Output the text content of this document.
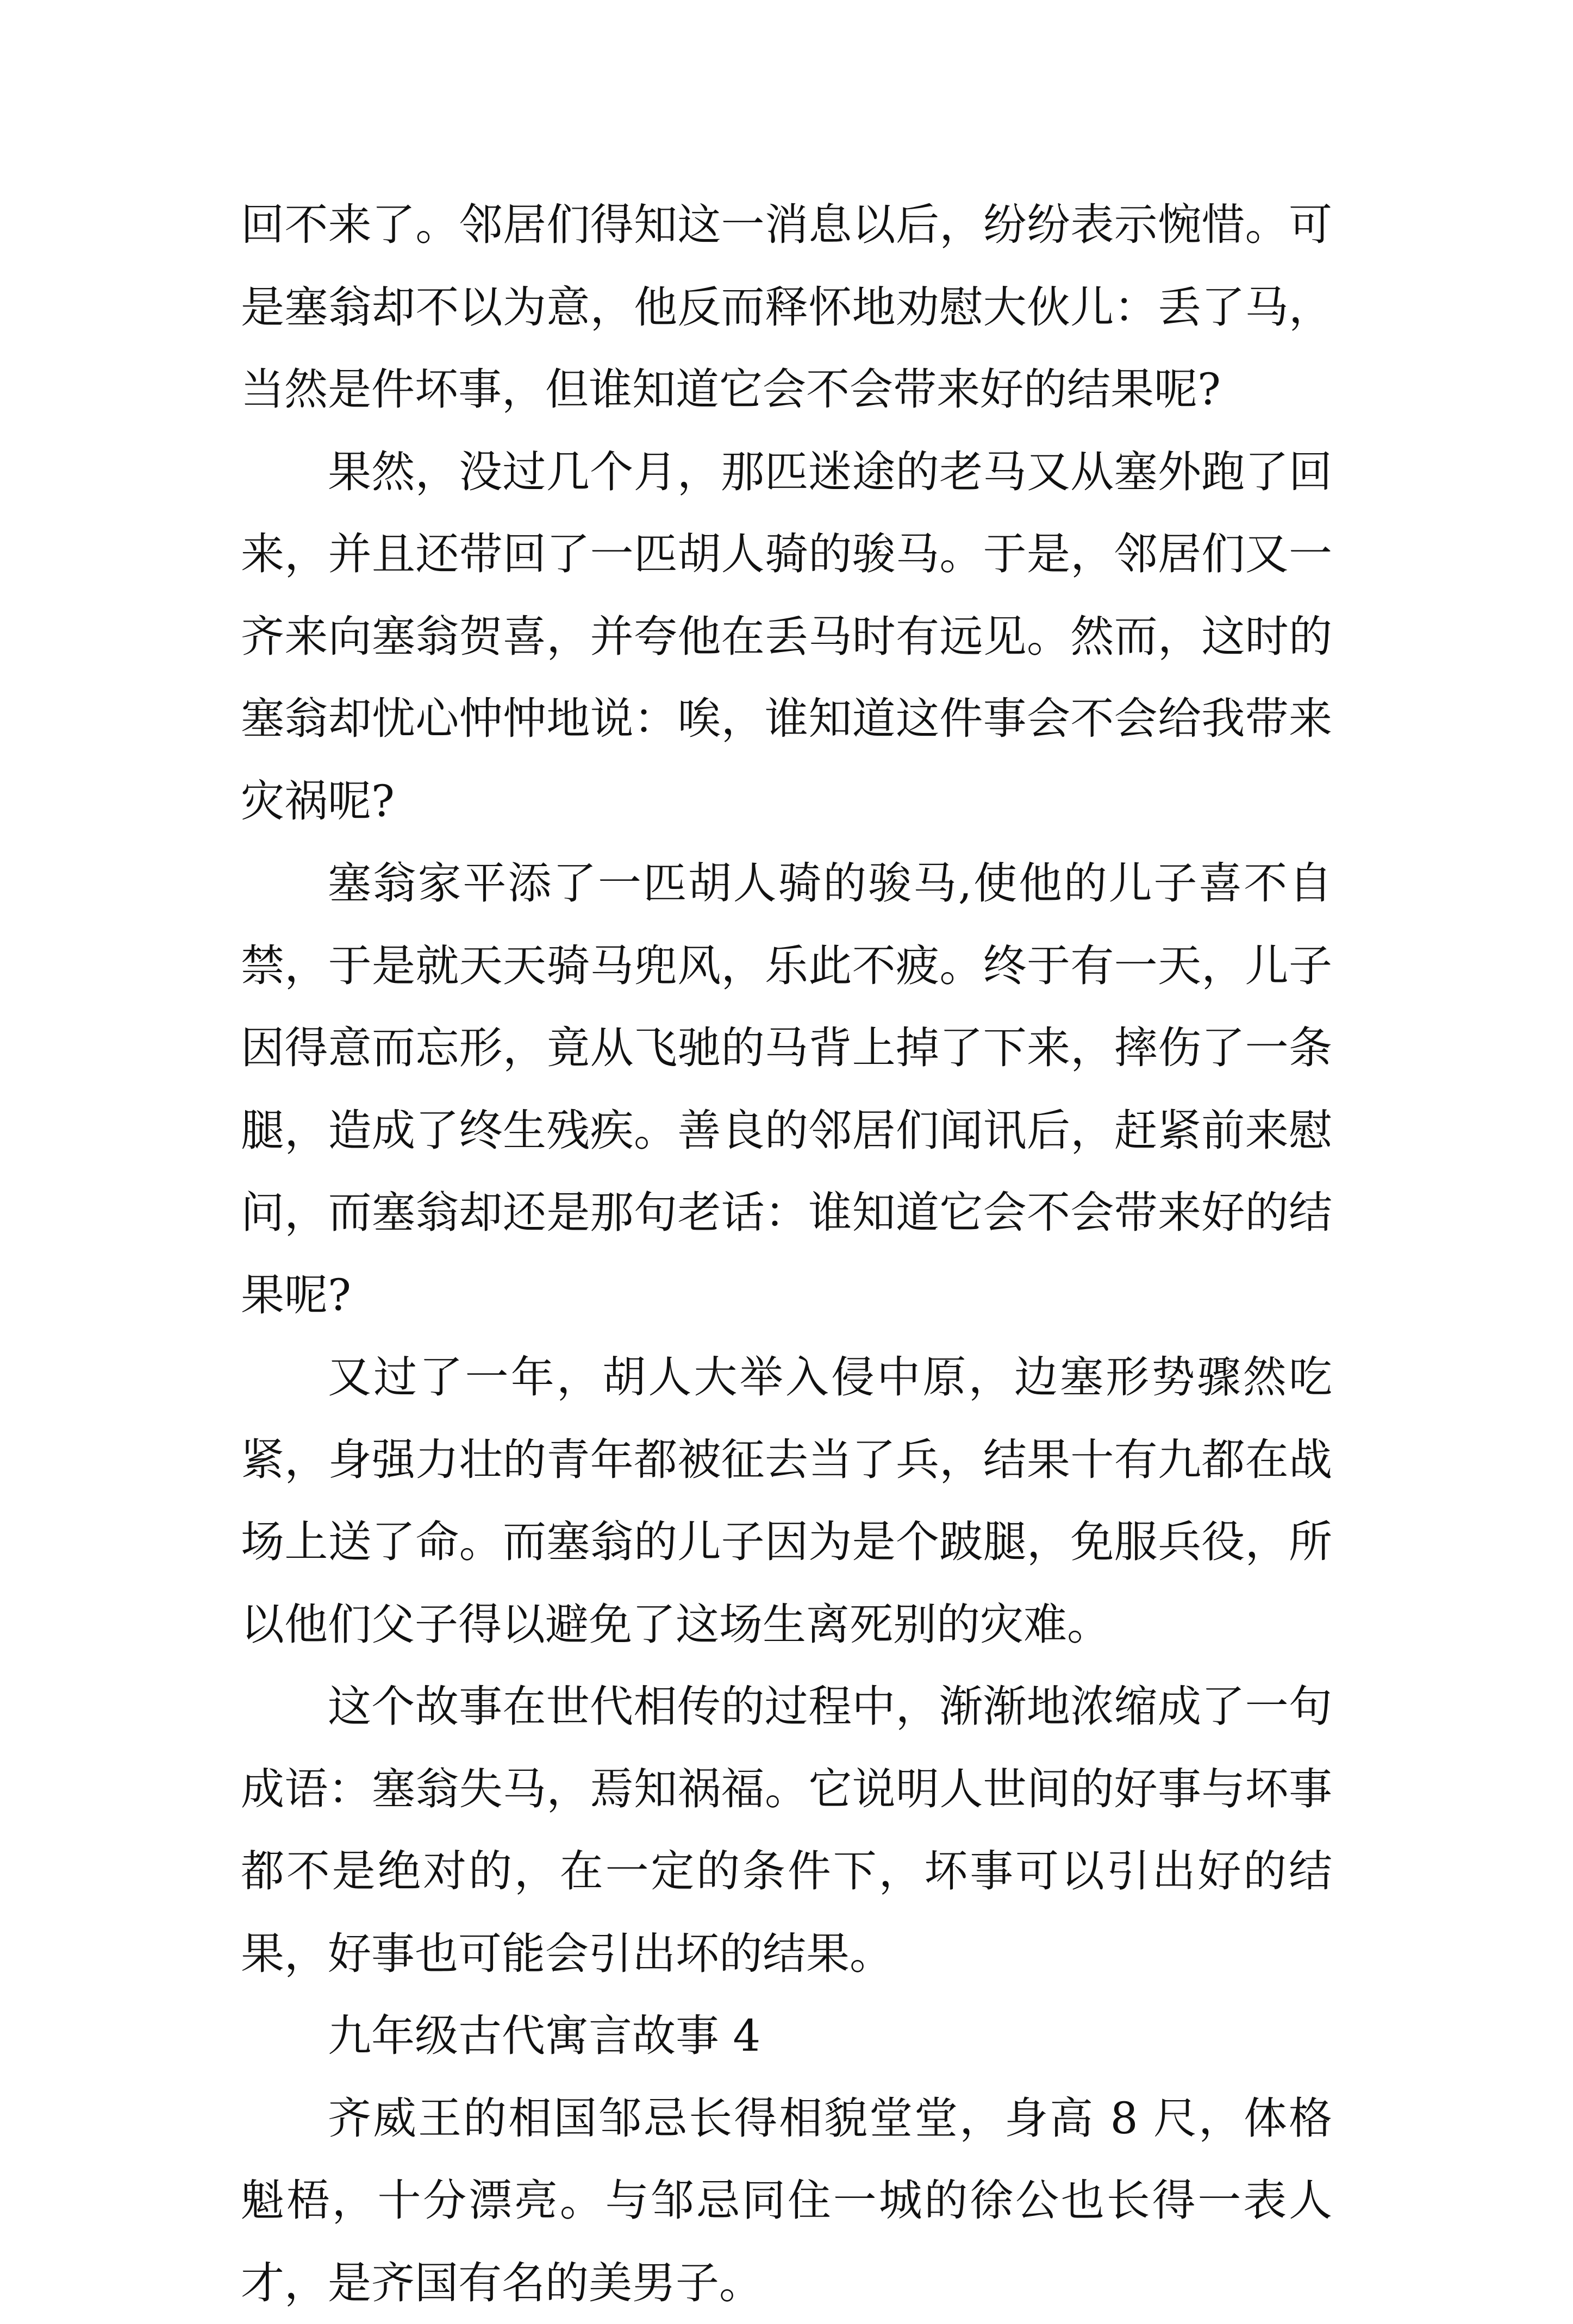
回不来了。邻居们得知这一消息以后，纷纷表示惋惜。可是塞翁却不以为意，他反而释怀地劝慰大伙儿：丢了马，当然是件坏事，但谁知道它会不会带来好的结果呢?

果然，没过几个月，那匹迷途的老马又从塞外跑了回来，并且还带回了一匹胡人骑的骏马。于是，邻居们又一齐来向塞翁贺喜，并夸他在丢马时有远见。然而，这时的塞翁却忧心忡忡地说：唉，谁知道这件事会不会给我带来灾祸呢?

塞翁家平添了一匹胡人骑的骏马,使他的儿子喜不自禁，于是就天天骑马兜风，乐此不疲。终于有一天，儿子因得意而忘形，竟从飞驰的马背上掉了下来，摔伤了一条腿，造成了终生残疾。善良的邻居们闻讯后，赶紧前来慰问，而塞翁却还是那句老话：谁知道它会不会带来好的结果呢?

又过了一年，胡人大举入侵中原，边塞形势骤然吃紧，身强力壮的青年都被征去当了兵，结果十有九都在战场上送了命。而塞翁的儿子因为是个跛腿，免服兵役，所以他们父子得以避免了这场生离死别的灾难。

这个故事在世代相传的过程中，渐渐地浓缩成了一句成语：塞翁失马，焉知祸福。它说明人世间的好事与坏事都不是绝对的，在一定的条件下，坏事可以引出好的结果，好事也可能会引出坏的结果。

九年级古代寓言故事 4

齐威王的相国邹忌长得相貌堂堂，身高 8 尺，体格魁梧，十分漂亮。与邹忌同住一城的徐公也长得一表人才，是齐国有名的美男子。
